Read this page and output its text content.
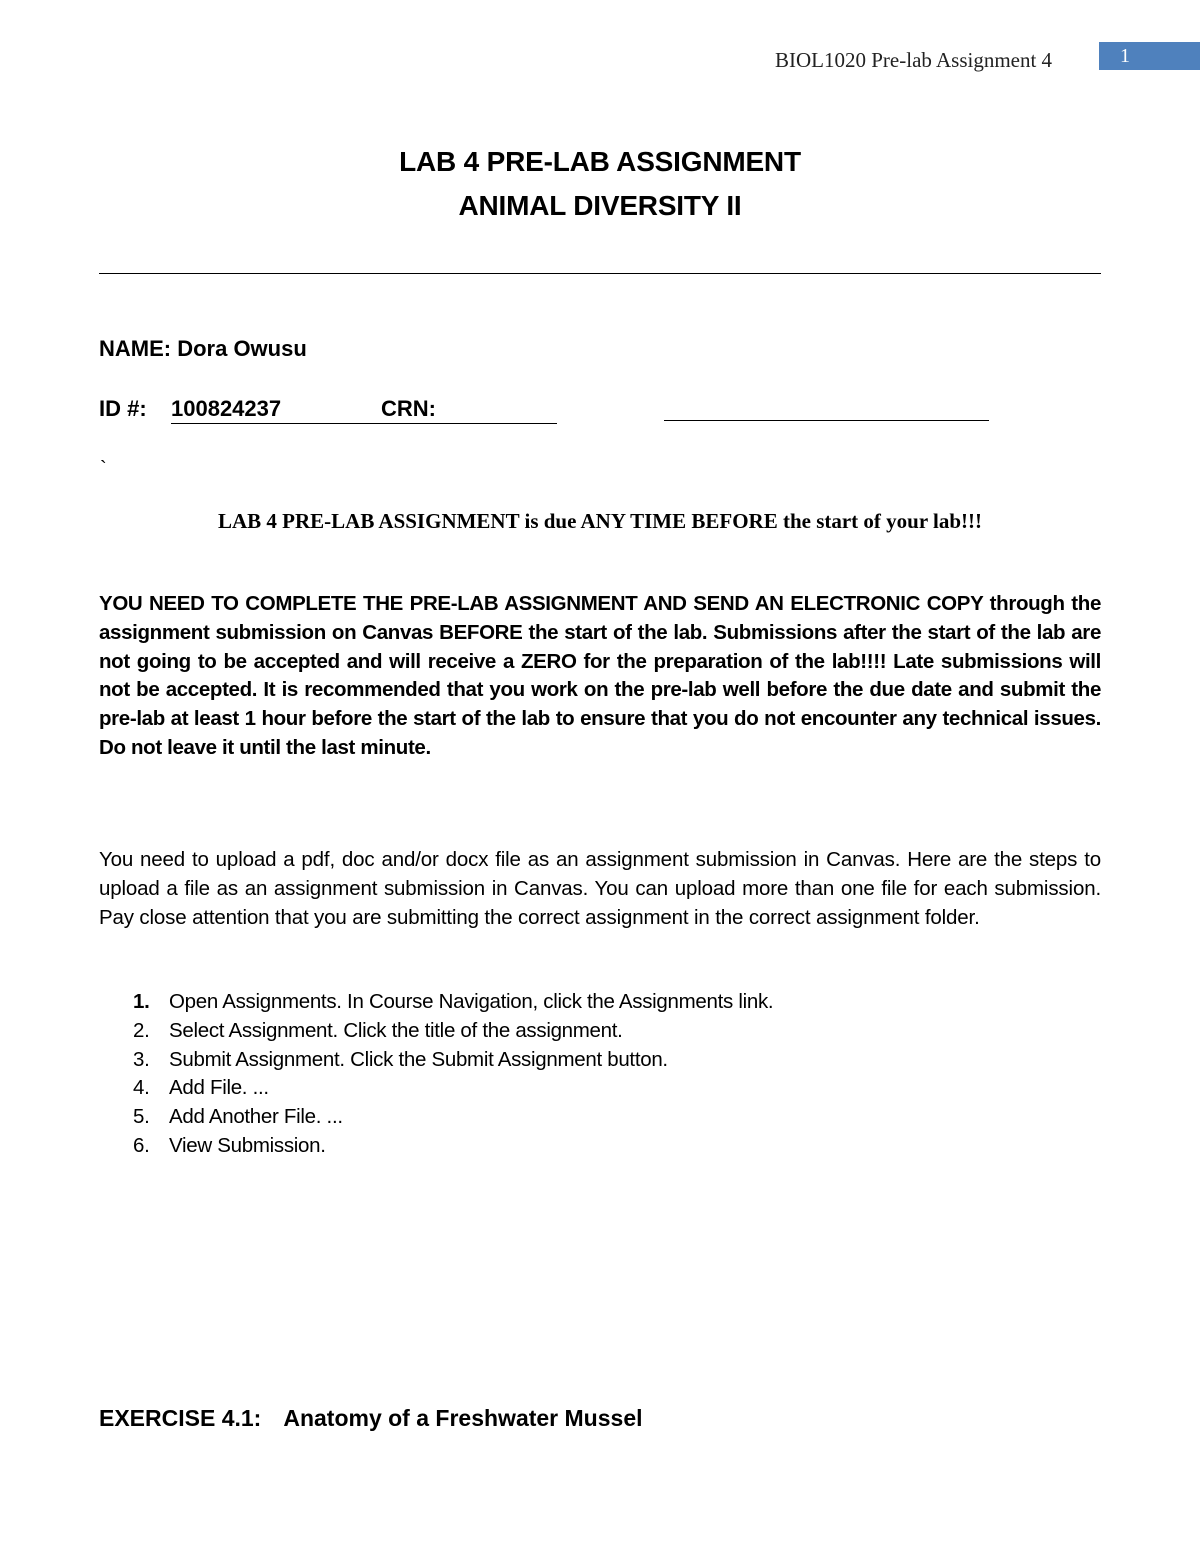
BIOL1020 Pre-lab Assignment 4	1
LAB 4 PRE-LAB ASSIGNMENT
ANIMAL DIVERSITY II
NAME: Dora Owusu
ID #: 100824237	CRN:
`
LAB 4 PRE-LAB ASSIGNMENT is due ANY TIME BEFORE the start of your lab!!!
YOU NEED TO COMPLETE THE PRE-LAB ASSIGNMENT AND SEND AN ELECTRONIC COPY through the assignment submission on Canvas BEFORE the start of the lab. Submissions after the start of the lab are not going to be accepted and will receive a ZERO for the preparation of the lab!!!! Late submissions will not be accepted. It is recommended that you work on the pre-lab well before the due date and submit the pre-lab at least 1 hour before the start of the lab to ensure that you do not encounter any technical issues. Do not leave it until the last minute.
You need to upload a pdf, doc and/or docx file as an assignment submission in Canvas. Here are the steps to upload a file as an assignment submission in Canvas. You can upload more than one file for each submission. Pay close attention that you are submitting the correct assignment in the correct assignment folder.
1. Open Assignments. In Course Navigation, click the Assignments link.
2. Select Assignment. Click the title of the assignment.
3. Submit Assignment. Click the Submit Assignment button.
4. Add File. ...
5. Add Another File. ...
6. View Submission.
EXERCISE 4.1: Anatomy of a Freshwater Mussel
